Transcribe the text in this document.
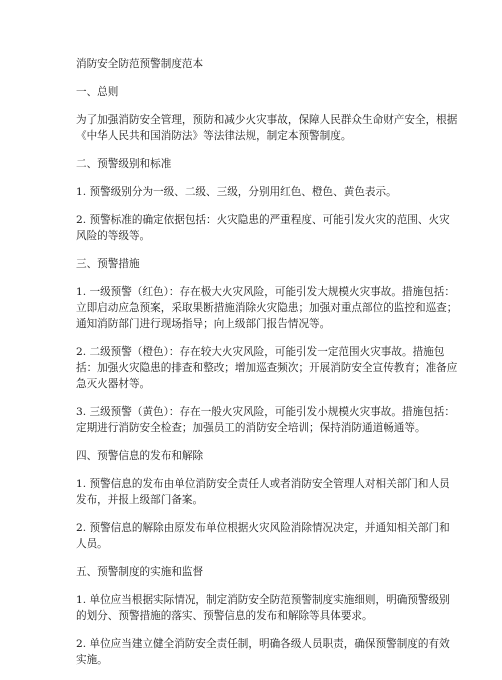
消防安全防范预警制度范本

一、总则

为了加强消防安全管理，预防和减少火灾事故，保障人民群众生命财产安全，根据

《中华人民共和国消防法》等法律法规，制定本预警制度。

二、预警级别和标准

1. 预警级别分为一级、二级、三级，分别用红色、橙色、黄色表示。

2. 预警标准的确定依据包括：火灾隐患的严重程度、可能引发火灾的范围、火灾

风险的等级等。

三、预警措施

1. 一级预警（红色）：存在极大火灾风险，可能引发大规模火灾事故。措施包括：

立即启动应急预案，采取果断措施消除火灾隐患；加强对重点部位的监控和巡查；

通知消防部门进行现场指导；向上级部门报告情况等。

2. 二级预警（橙色）：存在较大火灾风险，可能引发一定范围火灾事故。措施包

括：加强火灾隐患的排查和整改；增加巡查频次；开展消防安全宣传教育；准备应

急灭火器材等。

3. 三级预警（黄色）：存在一般火灾风险，可能引发小规模火灾事故。措施包括：

定期进行消防安全检查；加强员工的消防安全培训；保持消防通道畅通等。

四、预警信息的发布和解除

1. 预警信息的发布由单位消防安全责任人或者消防安全管理人对相关部门和人员

发布，并报上级部门备案。

2. 预警信息的解除由原发布单位根据火灾风险消除情况决定，并通知相关部门和

人员。

五、预警制度的实施和监督

1. 单位应当根据实际情况，制定消防安全防范预警制度实施细则，明确预警级别

的划分、预警措施的落实、预警信息的发布和解除等具体要求。

2. 单位应当建立健全消防安全责任制，明确各级人员职责，确保预警制度的有效

实施。
